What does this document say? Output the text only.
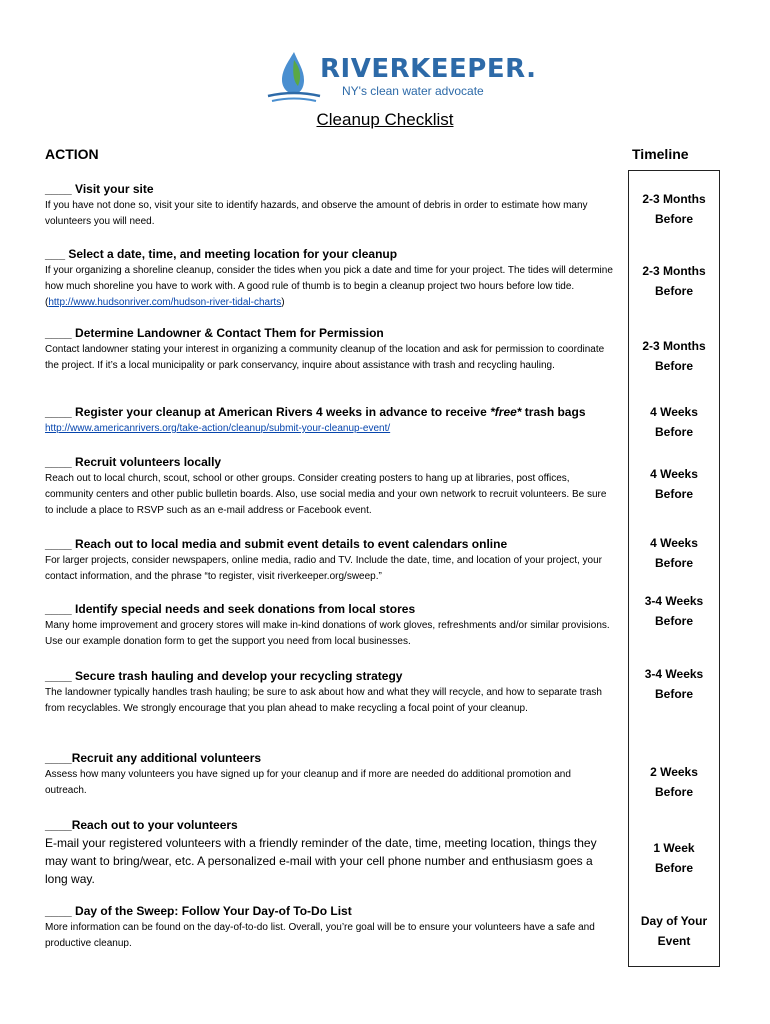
RIVERKEEPER.
NY's clean water advocate
Cleanup Checklist
ACTION	Timeline
____ Visit your site
If you have not done so, visit your site to identify hazards, and observe the amount of debris in order to estimate how many volunteers you will need.
2-3 Months
Before
___ Select a date, time, and meeting location for your cleanup
If your organizing a shoreline cleanup, consider the tides when you pick a date and time for your project. The tides will determine how much shoreline you have to work with. A good rule of thumb is to begin a cleanup project two hours before low tide. (http://www.hudsonriver.com/hudson-river-tidal-charts)
2-3 Months
Before
____ Determine Landowner & Contact Them for Permission
Contact landowner stating your interest in organizing a community cleanup of the location and ask for permission to coordinate the project. If it’s a local municipality or park conservancy, inquire about assistance with trash and recycling hauling.
2-3 Months
Before
____ Register your cleanup at American Rivers 4 weeks in advance to receive *free* trash bags
http://www.americanrivers.org/take-action/cleanup/submit-your-cleanup-event/
4 Weeks
Before
____ Recruit volunteers locally
Reach out to local church, scout, school or other groups. Consider creating posters to hang up at libraries, post offices, community centers and other public bulletin boards. Also, use social media and your own network to recruit volunteers. Be sure to include a place to RSVP such as an e-mail address or Facebook event.
4 Weeks
Before
____ Reach out to local media and submit event details to event calendars online
For larger projects, consider newspapers, online media, radio and TV. Include the date, time, and location of your project, your contact information, and the phrase “to register, visit riverkeeper.org/sweep.”
4 Weeks
Before
____ Identify special needs and seek donations from local stores
Many home improvement and grocery stores will make in-kind donations of work gloves, refreshments and/or similar provisions. Use our example donation form to get the support you need from local businesses.
3-4 Weeks
Before
____ Secure trash hauling and develop your recycling strategy
The landowner typically handles trash hauling; be sure to ask about how and what they will recycle, and how to separate trash from recyclables. We strongly encourage that you plan ahead to make recycling a focal point of your cleanup.
3-4 Weeks
Before
____Recruit any additional volunteers
Assess how many volunteers you have signed up for your cleanup and if more are needed do additional promotion and outreach.
2 Weeks
Before
____Reach out to your volunteers
E-mail your registered volunteers with a friendly reminder of the date, time, meeting location, things they may want to bring/wear, etc. A personalized e-mail with your cell phone number and enthusiasm goes a long way.
1 Week
Before
____ Day of the Sweep: Follow Your Day-of To-Do List
More information can be found on the day-of-to-do list. Overall, you’re goal will be to ensure your volunteers have a safe and productive cleanup.
Day of Your
Event
